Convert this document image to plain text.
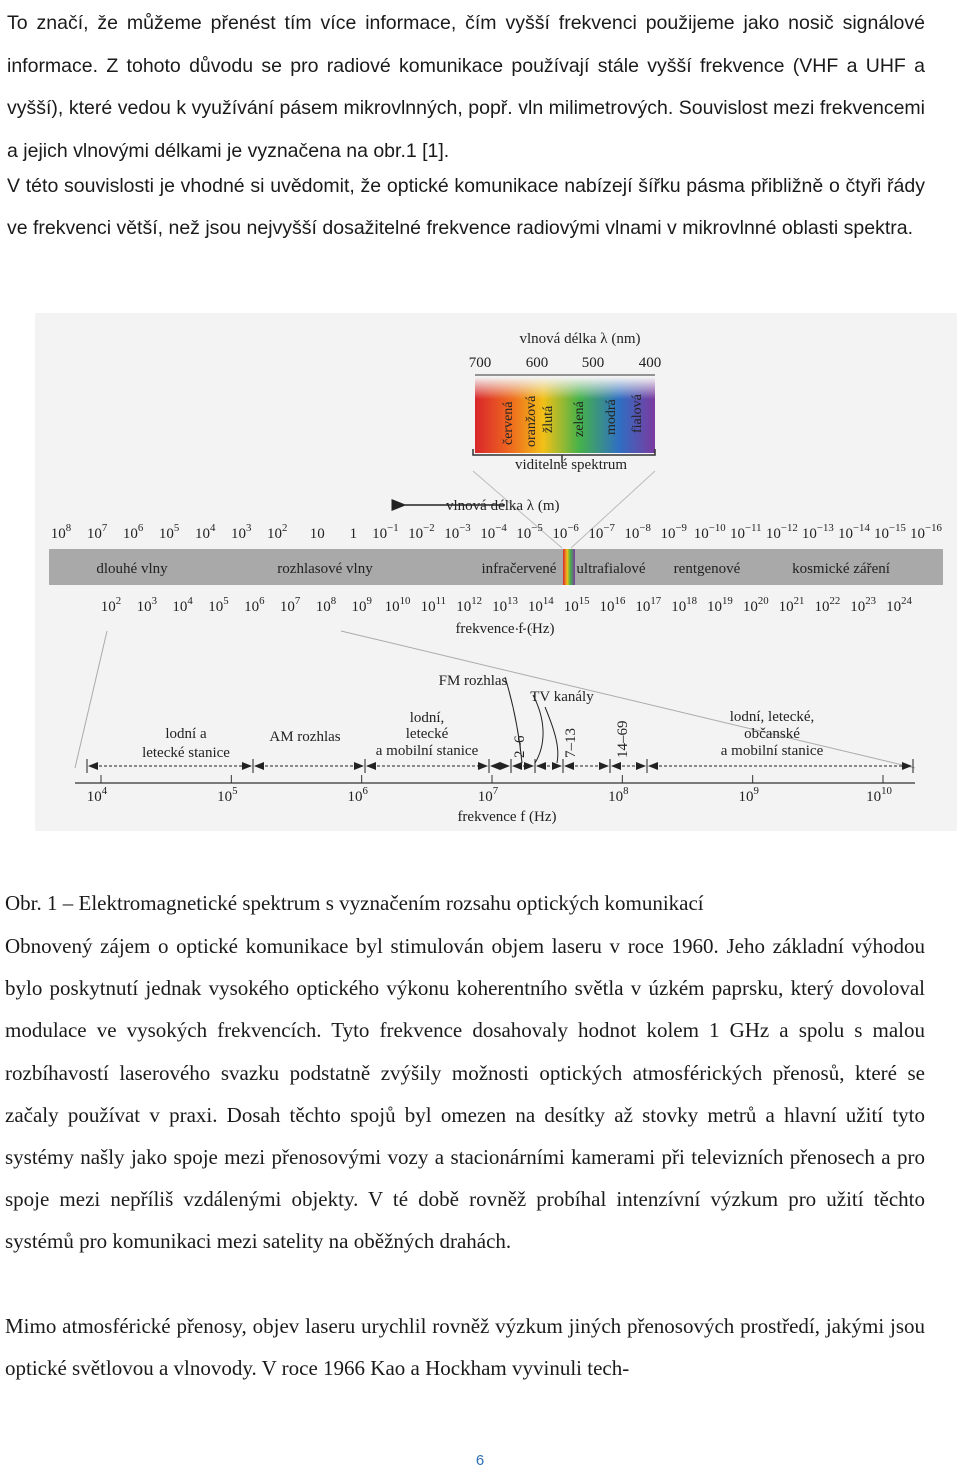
To značí, že můžeme přenést tím více informace, čím vyšší frekvenci použijeme jako nosič signálové informace. Z tohoto důvodu se pro radiové komunikace používají stále vyšší frekvence (VHF a UHF a vyšší), které vedou k využívání pásem mikrovlnných, popř. vln milimetrových. Souvislost mezi frekvencemi a jejich vlnovými délkami je vyznačena na obr.1 [1].

V této souvislosti je vhodné si uvědomit, že optické komunikace nabízejí šířku pásma přibližně o čtyři řády ve frekvenci větší, než jsou nejvyšší dosažitelné frekvence radiovými vlnami v mikrovlnné oblasti spektra.

vlnová délka λ (nm)
700 600 500 400
červená oranžová žlutá zelená modrá fialová
viditelné spektrum
vlnová délka λ (m)
$10^8$ $10^7$ $10^6$ $10^5$ $10^4$ $10^3$ $10^2$ 10 1 $10^{-1}$ $10^{-2}$ $10^{-3}$ $10^{-4}$ $10^{-5}$ $10^{-6}$ $10^{-7}$ $10^{-8}$ $10^{-9}$ $10^{-10}$ $10^{-11}$ $10^{-12}$ $10^{-13}$ $10^{-14}$ $10^{-15}$ $10^{-16}$
dlouhé vlny	rozhlasové vlny	infračervené ultrafialové rentgenové	kosmické záření
$10^2$ $10^3$ $10^4$ $10^5$ $10^6$ $10^7$ $10^8$ $10^9$ $10^{10}$ $10^{11}$ $10^{12}$ $10^{13}$ $10^{14}$ $10^{15}$ $10^{16}$ $10^{17}$ $10^{18}$ $10^{19}$ $10^{20}$ $10^{21}$ $10^{22}$ $10^{23}$ $10^{24}$
frekvence f (Hz)
FM rozhlas
TV kanály
lodní a
letecké stanice
AM rozhlas
lodní,
letecké
a mobilní stanice
lodní, letecké,
občanské
a mobilní stanice
2–6 7–13 14–69
$10^4$	$10^5$	$10^6$	$10^7$	$10^8$	$10^9$	$10^{10}$
frekvence f (Hz)

Obr. 1 – Elektromagnetické spektrum s vyznačením rozsahu optických komunikací

Obnovený zájem o optické komunikace byl stimulován objem laseru v roce 1960. Jeho základní výhodou bylo poskytnutí jednak vysokého optického výkonu koherentního světla v úzkém paprsku, který dovoloval modulace ve vysokých frekvencích. Tyto frekvence dosahovaly hodnot kolem 1 GHz a spolu s malou rozbíhavostí laserového svazku podstatně zvýšily možnosti optických atmosférických přenosů, které se začaly používat v praxi. Dosah těchto spojů byl omezen na desítky až stovky metrů a hlavní užití tyto systémy našly jako spoje mezi přenosovými vozy a stacionárními kamerami při televizních přenosech a pro spoje mezi nepříliš vzdálenými objekty. V té době rovněž probíhal intenzívní výzkum pro užití těchto systémů pro komunikaci mezi satelity na oběžných drahách.

Mimo atmosférické přenosy, objev laseru urychlil rovněž výzkum jiných přenosových prostředí, jakými jsou optické světlovou a vlnovody. V roce 1966 Kao a Hockham vyvinuli tech-

6
